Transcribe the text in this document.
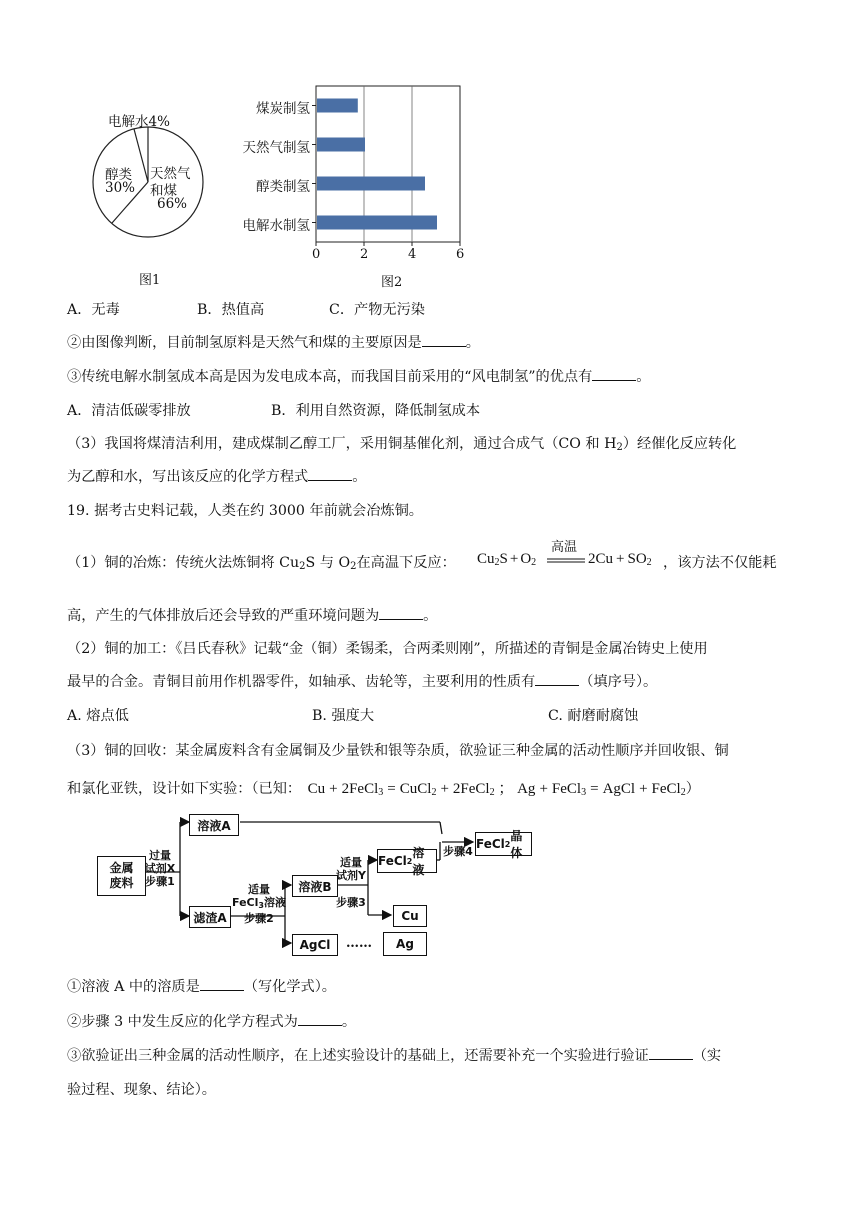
电解水4%
醇类
30%
天然气
和煤
66%
图1
煤炭制氢
天然气制氢
醇类制氢
电解水制氢
0	2	4	6
图2
A．无毒	B．热值高	C．产物无污染
②由图像判断，目前制氢原料是天然气和煤的主要原因是	。
③传统电解水制氢成本高是因为发电成本高，而我国目前采用的“风电制氢”的优点有	。
A．清洁低碳零排放	B．利用自然资源，降低制氢成本
（3）我国将煤清洁利用，建成煤制乙醇工厂，采用铜基催化剂，通过合成气（CO 和 $H_2$）经催化反应转化
为乙醇和水，写出该反应的化学方程式	。
19. 据考古史料记载，人类在约 3000 年前就会冶炼铜。
（1）铜的冶炼：传统火法炼铜将 $Cu_2S$ 与 $O_2$在高温下反应： $Cu_2S + O_2$
高温
$2Cu + SO_2$ ，该方法不仅能耗
高，产生的气体排放后还会导致的严重环境问题为	。
（2）铜的加工：《吕氏春秋》记载“金（铜）柔锡柔，合两柔则刚”，所描述的青铜是金属冶铸史上使用
最早的合金。青铜目前用作机器零件，如轴承、齿轮等，主要利用的性质有	（填序号）。
A. 熔点低	B. 强度大	C. 耐磨耐腐蚀
（3）铜的回收：某金属废料含有金属铜及少量铁和银等杂质，欲验证三种金属的活动性顺序并回收银、铜
和氯化亚铁，设计如下实验：（已知： Cu + 2FeCl$_3$ = CuCl$_2$ + 2FeCl$_2$ ； Ag + FeCl$_3$ = AgCl + FeCl$_2$）
金属
废料
过量
试剂X
步骤1
溶液A
滤渣A
适量
FeCl$_3$溶液
步骤2
溶液B
AgCl	……	Ag
适量
试剂Y
步骤3
FeCl 2
溶液
Cu
步骤4
FeCl 2
晶体
①溶液 A 中的溶质是	（写化学式）。
②步骤 3 中发生反应的化学方程式为	。
③欲验证出三种金属的活动性顺序，在上述实验设计的基础上，还需要补充一个实验进行验证	（实
验过程、现象、结论）。
